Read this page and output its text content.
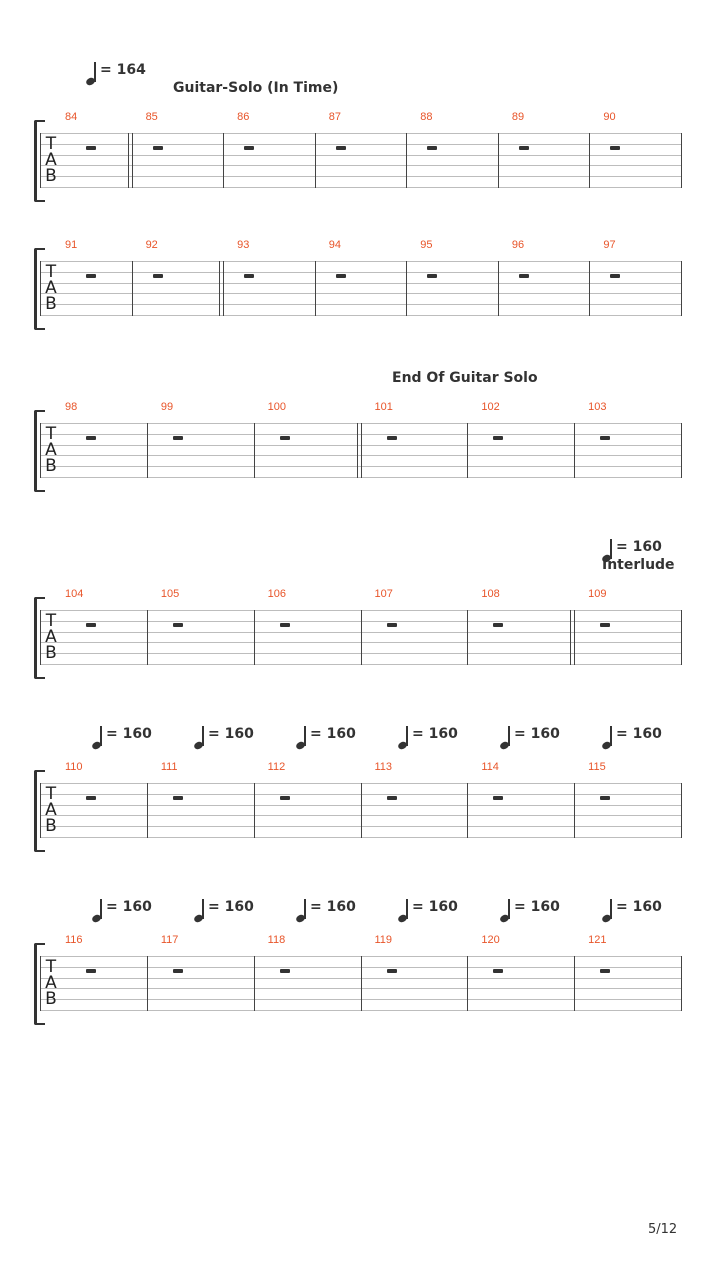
T
A
B
84	85	86	87	88	89	90
= 164
Guitar-Solo (In Time)
T
A
B
91	92	93	94	95	96	97
T
A
B
98	99	100	101	102	103
End Of Guitar Solo
T
A
B
104	105	106	107	108	109
= 160
Interlude
T
A
B
110	111	112	113	114	115
= 160	= 160	= 160	= 160	= 160	= 160
T
A
B
116	117	118	119	120	121
= 160	= 160	= 160	= 160	= 160	= 160
5/12
